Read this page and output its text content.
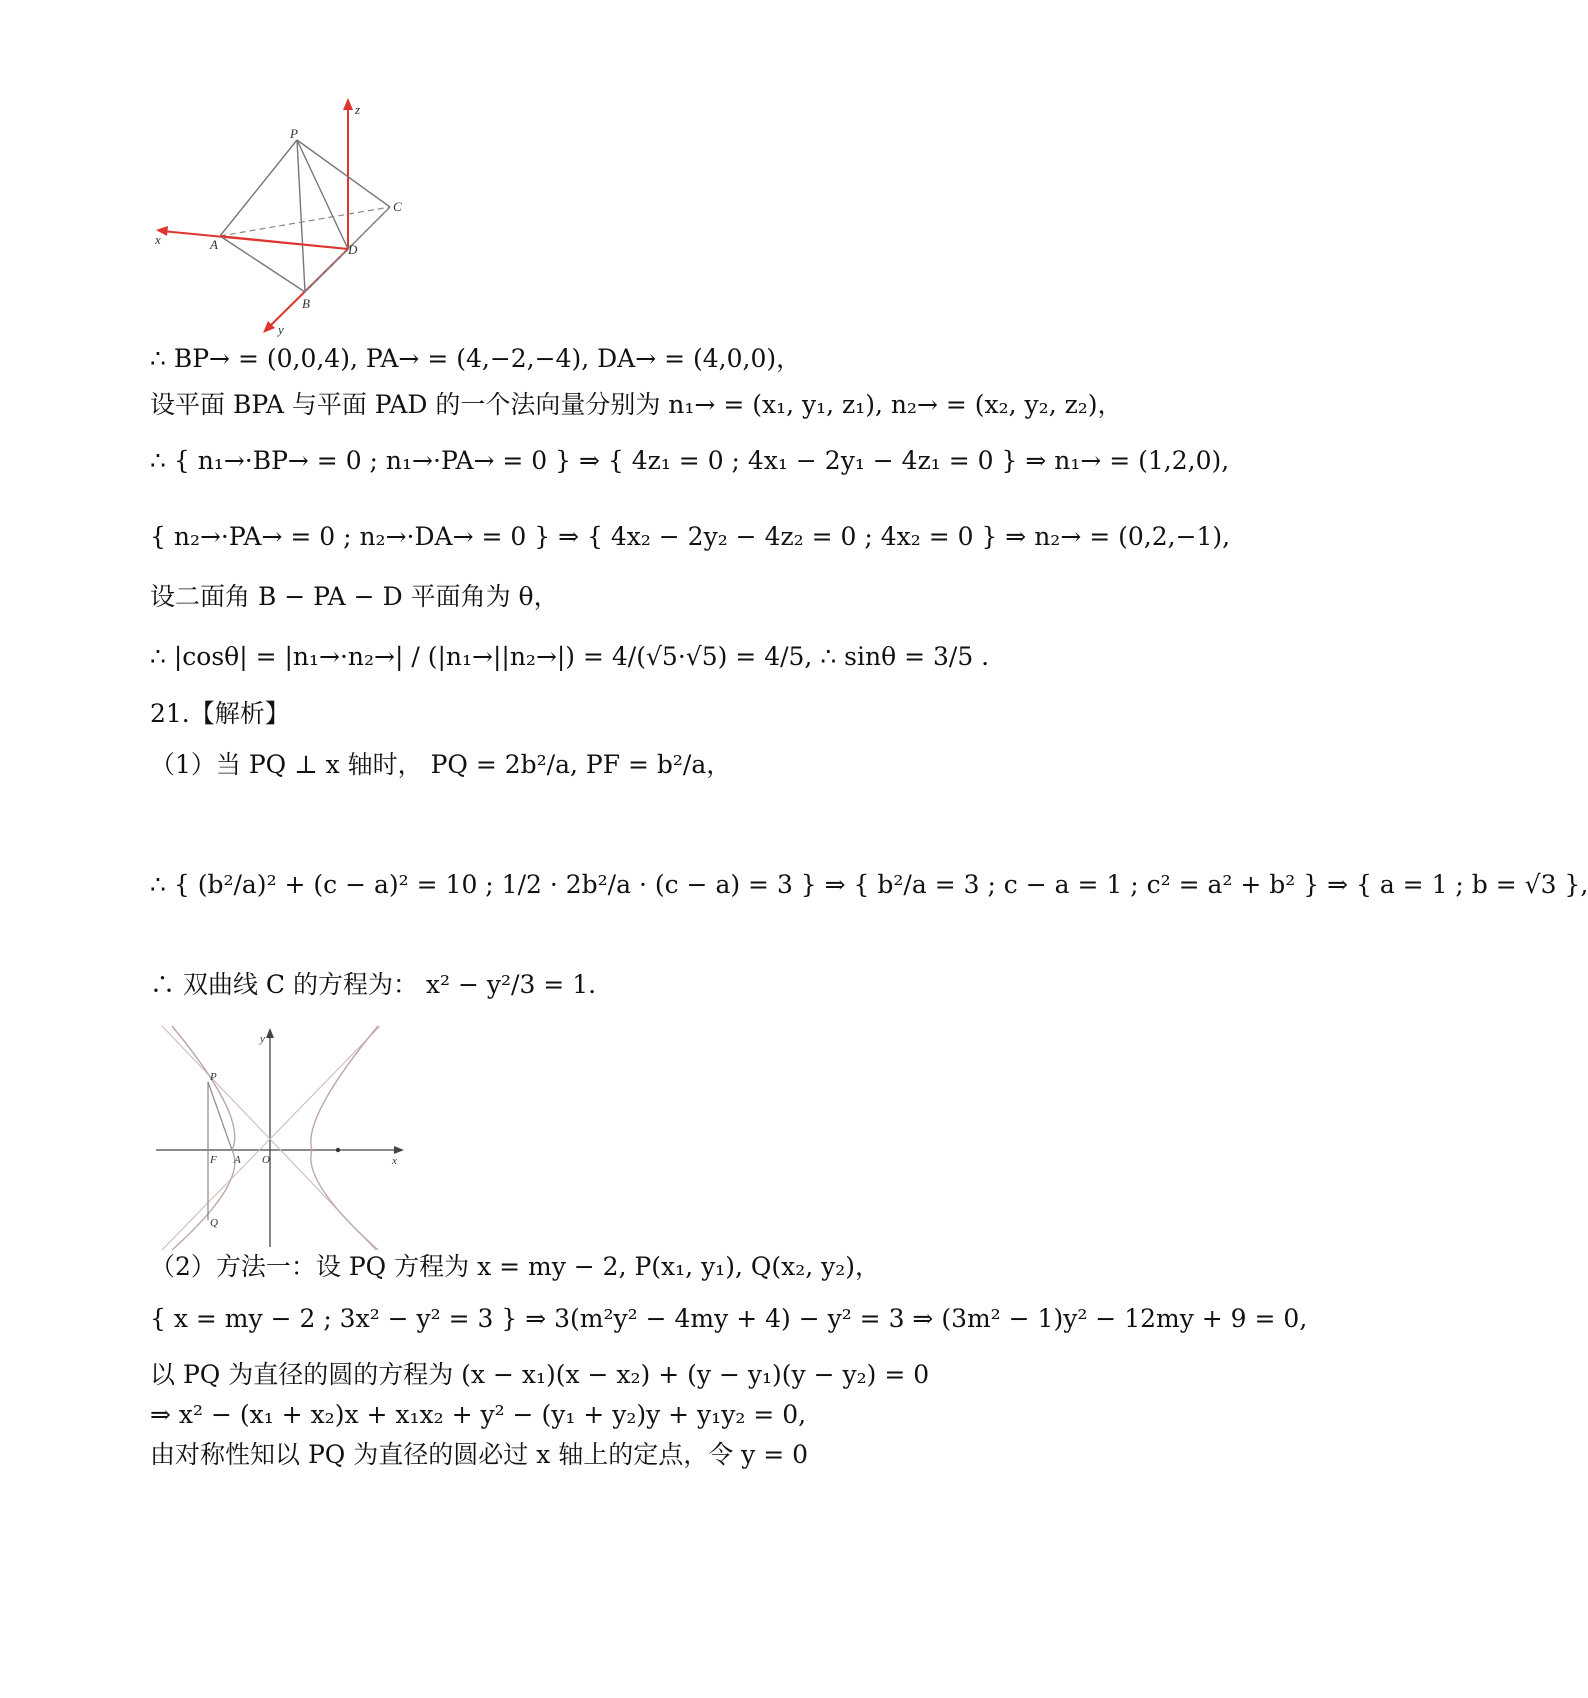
P
A
B
C
D
x
y
z
∴ BP→ = (0,0,4), PA→ = (4,−2,−4), DA→ = (4,0,0)，
设平面 BPA 与平面 PAD 的一个法向量分别为 n₁→ = (x₁, y₁, z₁), n₂→ = (x₂, y₂, z₂)，
∴ { n₁→·BP→ = 0 ; n₁→·PA→ = 0 } ⇒ { 4z₁ = 0 ; 4x₁ − 2y₁ − 4z₁ = 0 } ⇒ n₁→ = (1,2,0),
{ n₂→·PA→ = 0 ; n₂→·DA→ = 0 } ⇒ { 4x₂ − 2y₂ − 4z₂ = 0 ; 4x₂ = 0 } ⇒ n₂→ = (0,2,−1),
设二面角 B − PA − D 平面角为 θ，
∴ |cosθ| = |n₁→·n₂→| / (|n₁→||n₂→|) = 4/(√5·√5) = 4/5, ∴ sinθ = 3/5 .
21.【解析】
（1）当 PQ ⊥ x 轴时， PQ = 2b²/a, PF = b²/a，
∴ { (b²/a)² + (c − a)² = 10 ; 1/2 · 2b²/a · (c − a) = 3 } ⇒ { b²/a = 3 ; c − a = 1 ; c² = a² + b² } ⇒ { a = 1 ; b = √3 },
∴ 双曲线 C 的方程为： x² − y²/3 = 1.
P
Q
F A O	x
y
（2）方法一：设 PQ 方程为 x = my − 2, P(x₁, y₁), Q(x₂, y₂)，
{ x = my − 2 ; 3x² − y² = 3 } ⇒ 3(m²y² − 4my + 4) − y² = 3 ⇒ (3m² − 1)y² − 12my + 9 = 0,
以 PQ 为直径的圆的方程为 (x − x₁)(x − x₂) + (y − y₁)(y − y₂) = 0
⇒ x² − (x₁ + x₂)x + x₁x₂ + y² − (y₁ + y₂)y + y₁y₂ = 0,
由对称性知以 PQ 为直径的圆必过 x 轴上的定点，令 y = 0
